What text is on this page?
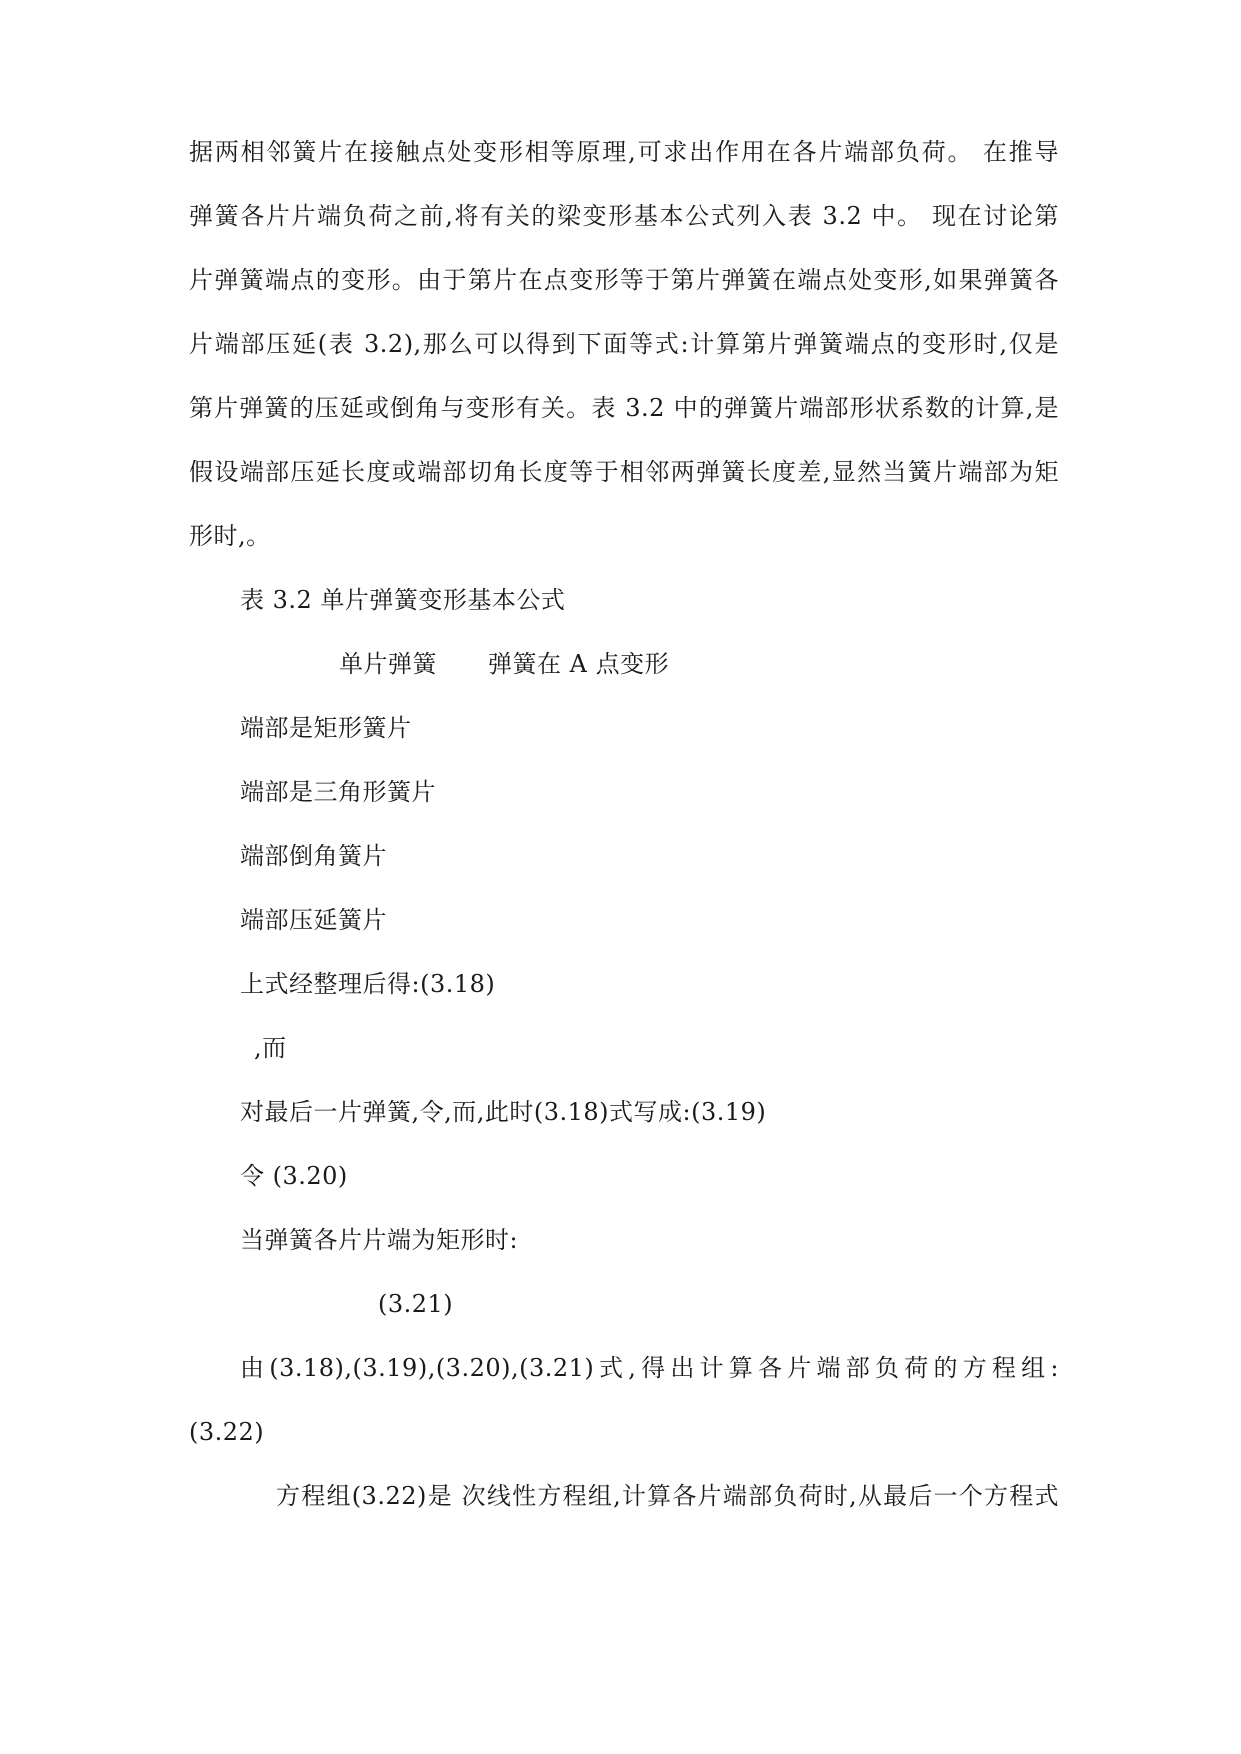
据两相邻簧片在接触点处变形相等原理,可求出作用在各片端部负荷。 在推导
弹簧各片片端负荷之前,将有关的梁变形基本公式列入表 3.2 中。 现在讨论第
片弹簧端点的变形。由于第片在点变形等于第片弹簧在端点处变形,如果弹簧各
片端部压延(表 3.2),那么可以得到下面等式:计算第片弹簧端点的变形时,仅是
第片弹簧的压延或倒角与变形有关。表 3.2 中的弹簧片端部形状系数的计算,是
假设端部压延长度或端部切角长度等于相邻两弹簧长度差,显然当簧片端部为矩
形时,。
表 3.2 单片弹簧变形基本公式
单片弹簧 弹簧在 A 点变形
端部是矩形簧片
端部是三角形簧片
端部倒角簧片
端部压延簧片
上式经整理后得:(3.18)
,而
对最后一片弹簧,令,而,此时(3.18)式写成:(3.19)
令 (3.20)
当弹簧各片片端为矩形时:
(3.21)
由(3.18),(3.19),(3.20),(3.21)式,得出计算各片端部负荷的方程组:
(3.22)
方程组(3.22)是 次线性方程组,计算各片端部负荷时,从最后一个方程式
